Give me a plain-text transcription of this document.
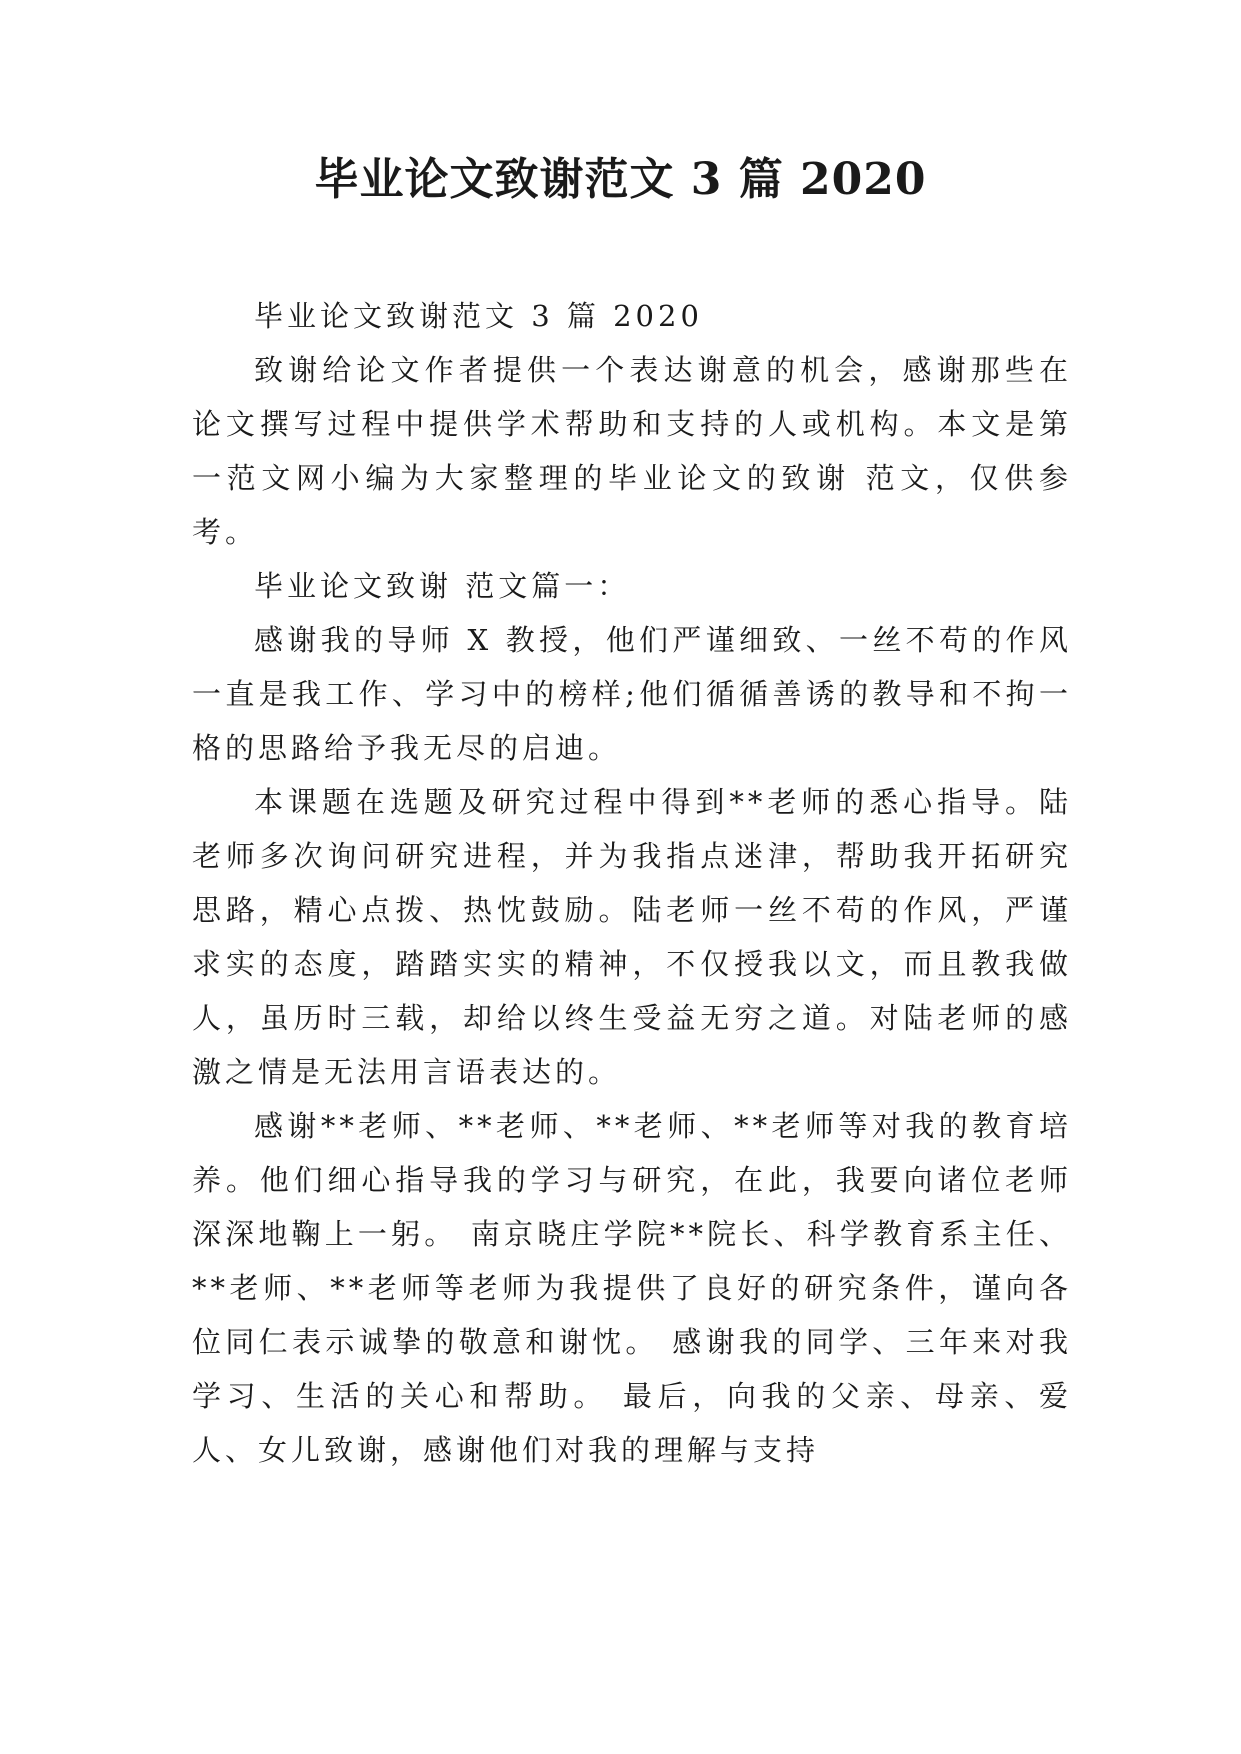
毕业论文致谢范文 3 篇 2020

毕业论文致谢范文 3 篇 2020

致谢给论文作者提供一个表达谢意的机会，感谢那些在论文撰写过程中提供学术帮助和支持的人或机构。本文是第一范文网小编为大家整理的毕业论文的致谢 范文，仅供参考。

毕业论文致谢 范文篇一：

感谢我的导师 X 教授，他们严谨细致、一丝不苟的作风一直是我工作、学习中的榜样;他们循循善诱的教导和不拘一格的思路给予我无尽的启迪。

本课题在选题及研究过程中得到**老师的悉心指导。陆老师多次询问研究进程，并为我指点迷津，帮助我开拓研究思路，精心点拨、热忱鼓励。陆老师一丝不苟的作风，严谨求实的态度，踏踏实实的精神，不仅授我以文，而且教我做人，虽历时三载，却给以终生受益无穷之道。对陆老师的感激之情是无法用言语表达的。

感谢**老师、**老师、**老师、**老师等对我的教育培养。他们细心指导我的学习与研究，在此，我要向诸位老师深深地鞠上一躬。 南京晓庄学院**院长、科学教育系主任、**老师、**老师等老师为我提供了良好的研究条件，谨向各位同仁表示诚挚的敬意和谢忱。 感谢我的同学、三年来对我学习、生活的关心和帮助。 最后，向我的父亲、母亲、爱人、女儿致谢，感谢他们对我的理解与支持
